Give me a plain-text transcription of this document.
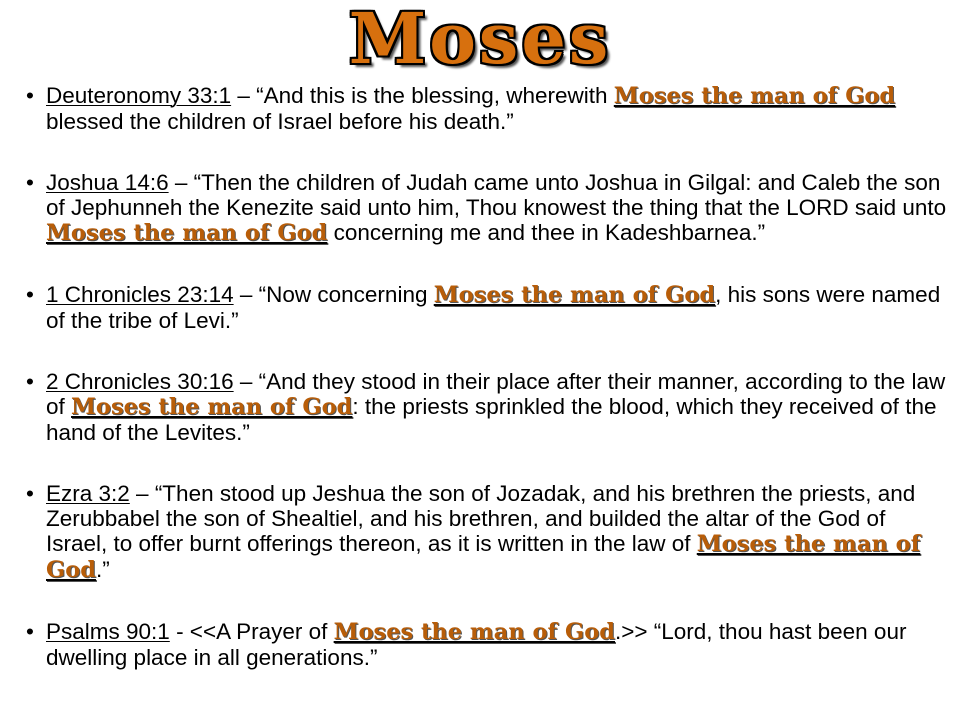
Moses
• Deuteronomy 33:1 – “And this is the blessing, wherewith Moses the man of God blessed the children of Israel before his death.”
• Joshua 14:6 – “Then the children of Judah came unto Joshua in Gilgal: and Caleb the son of Jephunneh the Kenezite said unto him, Thou knowest the thing that the LORD said unto Moses the man of God concerning me and thee in Kadeshbarnea.”
• 1 Chronicles 23:14 – “Now concerning Moses the man of God, his sons were named of the tribe of Levi.”
• 2 Chronicles 30:16 – “And they stood in their place after their manner, according to the law of Moses the man of God: the priests sprinkled the blood, which they received of the hand of the Levites.”
• Ezra 3:2 – “Then stood up Jeshua the son of Jozadak, and his brethren the priests, and Zerubbabel the son of Shealtiel, and his brethren, and builded the altar of the God of Israel, to offer burnt offerings thereon, as it is written in the law of Moses the man of God.”
• Psalms 90:1 - <<A Prayer of Moses the man of God.>> “Lord, thou hast been our dwelling place in all generations.”
